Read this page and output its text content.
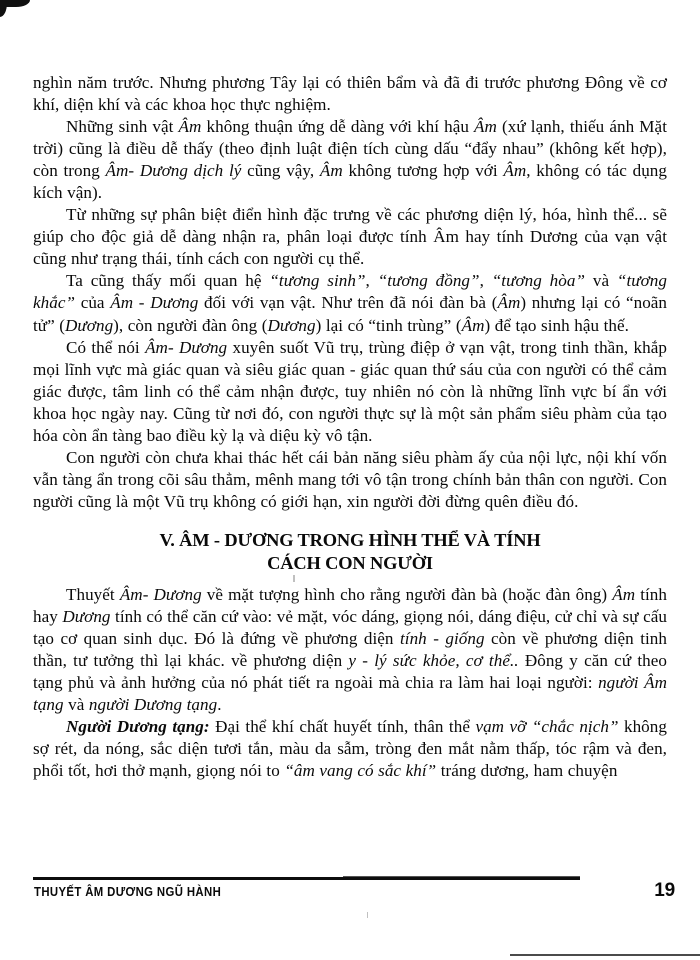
nghìn năm trước. Nhưng phương Tây lại có thiên bẩm và đã đi trước phương Đông về cơ khí, diện khí và các khoa học thực nghiệm.

Những sinh vật Âm không thuận ứng dễ dàng với khí hậu Âm (xứ lạnh, thiếu ánh Mặt trời) cũng là điều dễ thấy (theo định luật điện tích cùng dấu “đẩy nhau” (không kết hợp), còn trong Âm- Dương dịch lý cũng vậy, Âm không tương hợp với Âm, không có tác dụng kích vận).

Từ những sự phân biệt điển hình đặc trưng về các phương diện lý, hóa, hình thể... sẽ giúp cho độc giả dễ dàng nhận ra, phân loại được tính Âm hay tính Dương của vạn vật cũng như trạng thái, tính cách con người cụ thể.

Ta cũng thấy mối quan hệ “tương sinh”, “tương đồng”, “tương hòa” và “tương khắc” của Âm - Dương đối với vạn vật. Như trên đã nói đàn bà (Âm) nhưng lại có “noãn tử” (Dương), còn người đàn ông (Dương) lại có “tinh trùng” (Âm) để tạo sinh hậu thế.

Có thể nói Âm- Dương xuyên suốt Vũ trụ, trùng điệp ở vạn vật, trong tinh thần, khắp mọi lĩnh vực mà giác quan và siêu giác quan - giác quan thứ sáu của con người có thể cảm giác được, tâm linh có thể cảm nhận được, tuy nhiên nó còn là những lĩnh vực bí ẩn với khoa học ngày nay. Cũng từ nơi đó, con người thực sự là một sản phẩm siêu phàm của tạo hóa còn ẩn tàng bao điều kỳ lạ và diệu kỳ vô tận.

Con người còn chưa khai thác hết cái bản năng siêu phàm ấy của nội lực, nội khí vốn vẫn tàng ẩn trong cõi sâu thẳm, mênh mang tới vô tận trong chính bản thân con người. Con người cũng là một Vũ trụ không có giới hạn, xin người đời đừng quên điều đó.

V. ÂM - DƯƠNG TRONG HÌNH THỂ VÀ TÍNH
CÁCH CON NGƯỜI

Thuyết Âm- Dương về mặt tượng hình cho rằng người đàn bà (hoặc đàn ông) Âm tính hay Dương tính có thể căn cứ vào: vẻ mặt, vóc dáng, giọng nói, dáng điệu, cử chỉ và sự cấu tạo cơ quan sinh dục. Đó là đứng về phương diện tính - giống còn về phương diện tinh thần, tư tưởng thì lại khác. về phương diện y - lý sức khỏe, cơ thể.. Đông y căn cứ theo tạng phủ và ảnh hưởng của nó phát tiết ra ngoài mà chia ra làm hai loại người: người Âm tạng và người Dương tạng.

Người Dương tạng: Đại thể khí chất huyết tính, thân thể vạm vỡ “chắc nịch” không sợ rét, da nóng, sắc diện tươi tắn, màu da sẫm, tròng đen mắt nằm thấp, tóc rậm và đen, phổi tốt, hơi thở mạnh, giọng nói to “âm vang có sắc khí” tráng dương, ham chuyện

THUYẾT ÂM DƯƠNG NGŨ HÀNH	19
